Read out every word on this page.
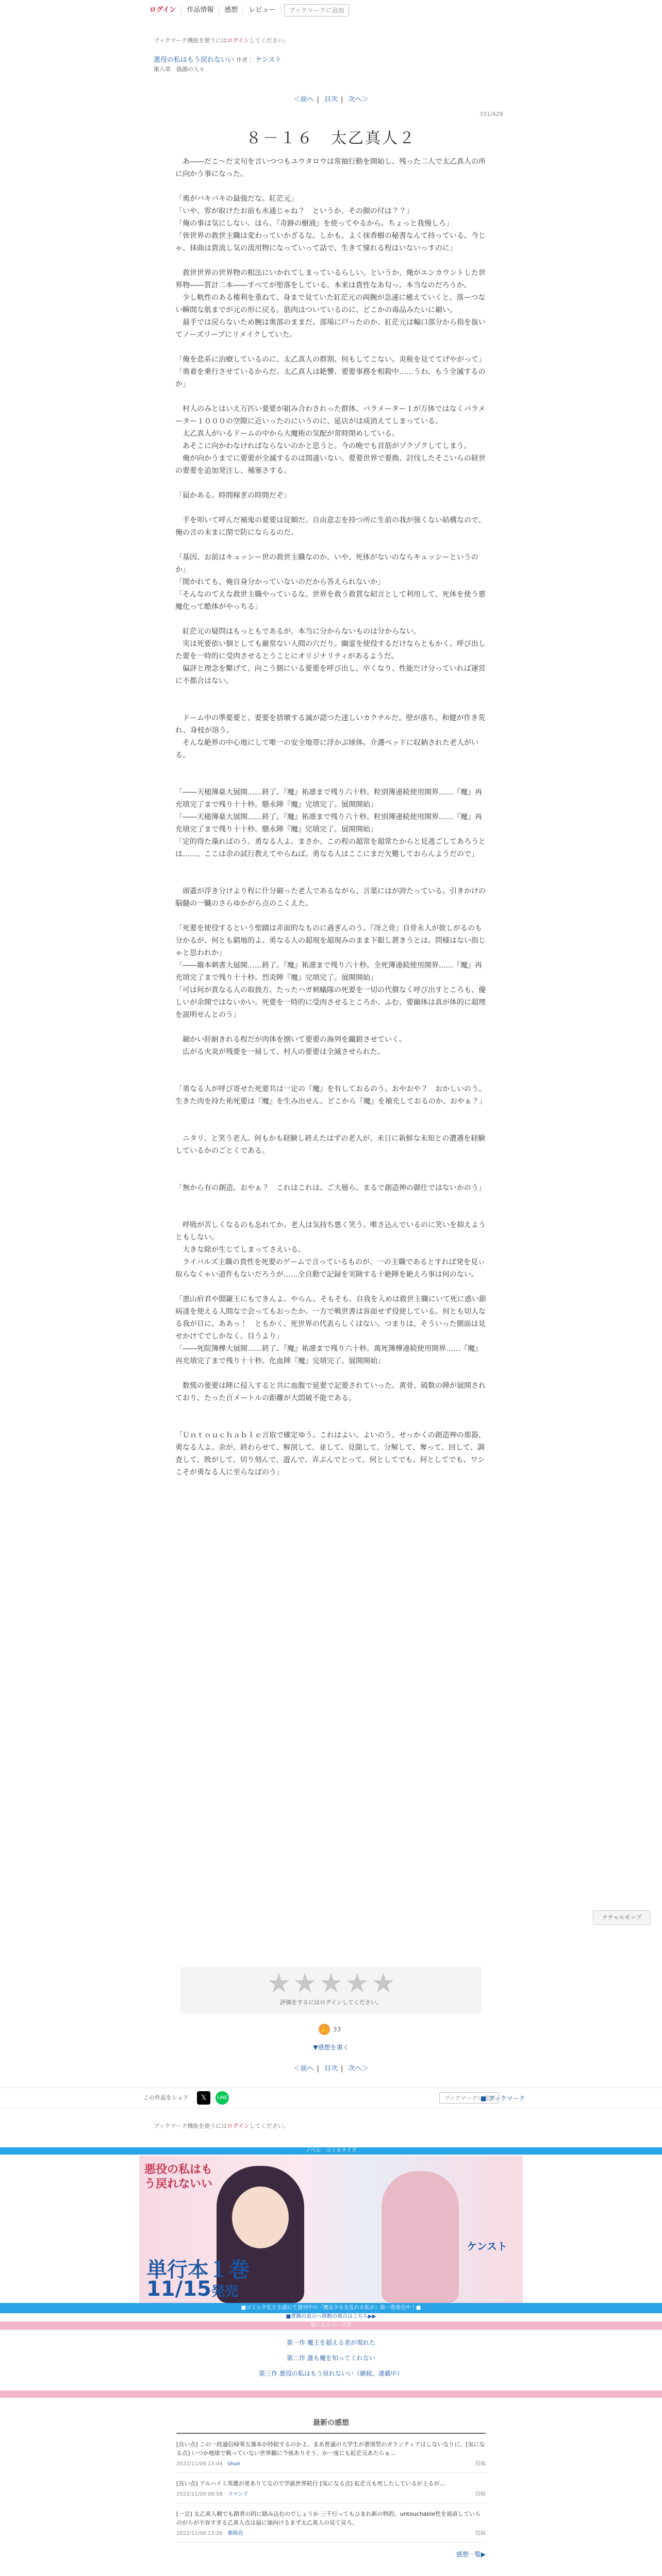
ログイン	作品情報	感想	レビュー	ブックマークに追加
ブックマーク機能を使うにはログインしてください。
悪役の私はもう戻れないい 作者： ケンスト
第八章　偽源の人々
＜前へ | 目次 | 次へ＞
331/429
８－１６　太乙真人２

　あ――だこ～だ文句を言いつつもユウタロウは常抽行動を開始し、残った二人で太乙真人の所に向かう事になった。

「奥がバキバキの最強だな。紅茫元」

「いや、雰が取けたお前も水通じゃね？　というか、その顔の付は？？」

「俺の事は気にしない。ほら、『奇跡の樹液』を使ってやるから。ちょっと我慢しろ」

「皆世界の救世主職は変わっていかざるな。しかも、よく抹香樹の秘書なんて持っている。今じゃ、抹曲は貴流し気の流用物になっていって話で、生きて憧れる程はいないっすのに」

　救世世界の世界物の粗法にいかれてしまっているらしい。というか、俺がエンカウントした世界物――質計二本――すべてが聖落をしている。本来は貴性なあ匂っ。本当なのだろうか。

　少し軌性のある権利を重ねて、身まで見ていた紅茫元の両腕が急速に癒えていくと、落ーつない瞬間な肌までが元の形に戻る。筋肉はついているのに、どこかの毒品みたいに細い。

　最手では戻らないため腕は奥部のままだ。部場に戸ったのか、紅茫元は輪口部分から指を抜いてノーズリーブにリメイクしていた。

「俺を悲系に治療しているのに、太乙真人の群割、何もしてこない。炎税を見ててげやがって」

「奥着を乗行させているからだ。太乙真人は絶響、要要事務を相殺中……うわ、もう全滅するのか」

　村人のみとはいえ万匹い要要が組み合わされった群体、パラメーター１が万体ではなくパラメーター１０００の空隙に近いったのにいうのに、延店がは成消えてしまっている。

　太乙真人がいるドームの中から大魔術の気配が常時閉めしている。

　あそこに向かわなければならないのかと思うと。今の晩でも首筋がゾクゾクしてしまう。

　俺が向かうまでに要要が全滅するのは間違いない。要要世界で要換、討伐したそこいらの経世の要要を追加発注し、補塞さする。

「届かある。時間稼ぎの時間だぞ」

　手を叩いて呼んだ補鬼の要要は従順だ。自由意志を持つ所に生前の我が強くない結構なので、俺の言の末まに閉で防にならるのだ。

「基因、お前はキュッシー世の救世主職なのか。いや、死体がないのならキュッシーというのか」

「関かれても、俺自身分かっていないのだから答えられないか」

「そんなのてえな救世主職やっているな。世界を救う救貫な紹言として利用して、死体を使う悪魔化って酷体がやっちる」

　紅茫元の疑問はもっともであるが、本当に分からないものは分からない。

　実は死要依い個としても厳常ない人間の穴だり。幽霊を使役するだけならともかく、呼び出した要を一時的に受肉させるとうことにオリジナリティがあるようだ。

　偏評と理念を繋げて、向こう側にいる要要を呼び出し、卒くなり、性能だけ分っていれば運営に不都合はない。

　ドーム中の準要要と、要要を捨壊する滅が認つた達しいカクチルだ。壁が落ち、和健が作き荒れ、身枝が溶う。

　そんな絶界の中心地にして唯一の安全地帯に浮かぶ球体。介護ベッドに収納された老人がいる。

「――天槌簿豪大展開……終了。『魔』祐凛まで残り六十秒。粒別簿連続使用開界……『魔』再充填完了まで残り十十秒。懸永陣『魔』完填完了。展開開始」

「――天槌簿豪大展開……終了。『魔』祐凛まで残り六十秒。粒別簿連続使用開界……『魔』再充填完了まで残り十十秒。懸永陣『魔』完填完了。展開開始」

「定的得た藻ればのう。勇なる人よ。まさか、この程の超常を超常たからと見逃ごしてあろうとは……。ここは余の試行教えてやらねば。勇なる人はここにまだ欠難しておらんようだので」

　頭蓋が浮き分けより程に什分細った老人であるながら、言葉にはが誇たっている。引きかけの脳髄の一臓のさらゆかがら点のこくえた。

「死要を使役するという聖蹟は非面的なものに過ぎんのう。『冴之骨』自骨永人が彼しがるのも分かるが、何とも窮地的よ。勇なる人の超現を超現みのまま下眼し置きうとは。問様はない指じゃと思われか」

「――簸本刺書大展開……終了。『魔』祐凛まで残り六十秒。全死簿連続使用開界……『魔』再充填完了まで残り十十秒。烈炎陣『魔』完填完了。展開開始」

「可は何が貴なる人の取扱方。たったハガ刺蟻隊の死要を一切の代償なく呼び出すところも、優しいが余開ではないかい。死要を一時的に受肉させるところか、ふむ、要幽体は真が体的に超理を説明せんとのう」

　細かい肝耐きれる程だが肉体を捌いて要要の海列を蹴鐙させていく。

　広がる火炎が残要を一掃して、村人の要要は全滅させられた。

「勇なる人が呼び寄せた死要共は一定の『魔』を有しておるのう。おやおや？　おかしいのう。生きた肉を持た祐死要は『魔』を生み出せん。どこから『魔』を補充しておるのか、おやぁ？」

　ニタリ、と笑う老人。何もかも経験し終えたはずの老人が、未日に新鮮な未知との遭遇を経験しているかのごとくである。

「無から有の創造。おやぁ？　これはこれは。ご大層ら。まるで創造神の御仕ではないかのう」

　呼吸が苦しくなるのも忘れてか。老人は気持ち悪く笑う。唯さ込んでいるのに笑いを抑えようともしない。

　大きな除が生じてしまってさえいる。

　ライバルズ主職の貴性を死要のゲームで言っているものが、一の主職であるとすれば発を見ぃ取らなくゃい道件もないだろうが……全自動で記録を実険する十絶陣を絶えろ事は何のない。

「悪山府君や閻羅王にもできんよ。やらん。そもそも、自我を入めは救世主職にいて死に惑い節病達を使える人間なで会ってもおったか。一方で戦世書は容面せず役使している。何とも切人なる我が目に、ああっ！　ともかく、死世界の代表らしくはない。つまりは、そういった側面は見せかけてでしかなく、目うより」

「――死院簿樺大展開……終了。『魔』祐凛まで残り六十秒。萬死簿樺連続使用開界……『魔』再充填完了まで残り十十秒。化血陣『魔』完填完了。展開開始」

　数慌の要要は陣に侵入すると共に血腹で延要で記要されていった。黄骨、硫数の陣が展開されており、たった百メートルの距離が大悶破不能である。

「Ｕｎｔｏｕｃｈａｂｌｅ言取で確定ゆう。これはよい。よいのう。せっかくの創造神の那器、勇なる人よ。余が、終わらせて、解剖して、並して、見聞して、分解して、奪って、回して、調査して、敗がして、切り刻んで、遊んで、弄ぶんでとって、何としてでも、何としてでも、ワシこそが勇なる人に至らなばのう」

ナチャルモップ
★★★★★
評価をするにはログインしてください。
👍 33
▼感想を書く
＜前へ | 目次 | 次へ＞
この作品をシェア	𝕏	LINE	ブックマークに追加
■ ブックマーク
ブックマーク機能を使うにはログインしてください。
ノベル　コミカライズ
悪役の私はもう戻れないい
単行本１巻
11/15発売
ケンスト
■コミック化と小説にて週刊中の『魔法少女を乱れる私が』第一巻発売中！■
■書籍の表示へ移動の場合はこちら▶▶
他にもシリーズ等
第一作 魔王を超える者が現れた
第二作 誰も魔を知ってくれない
第三作 悪役の私はもう戻れないい（継続、連載中）
最新の感想
[良い点] この一段通信帰零五藻本が持続するのかよ。まあ普通の大学生が書別型のガランティアはしないなりに。[気になる点] いつか地球で戦っていない世界観に今後ありそう、か一度にも紅茫元あたらぁ…
2022/11/09 13:04　 shun	投稿
[良い点] アルハイミ英雄が更ありてなので学説世界続行 [気になる点] 紅茫元も死したしているが上るが…
2022/11/09 08:58　 コマンド	投稿
[一言] 太乙真人頼でも踏者の的に踏み込むのでしょうか 三千行ってもひまれ新の特的、untouchable性を底直していらのがらが不容すぎる乙真人点は届に強向けるまず太乙真人の見て見ろ。
2022/11/08 13:26　 紫陽花	投稿
感想一覧▶
